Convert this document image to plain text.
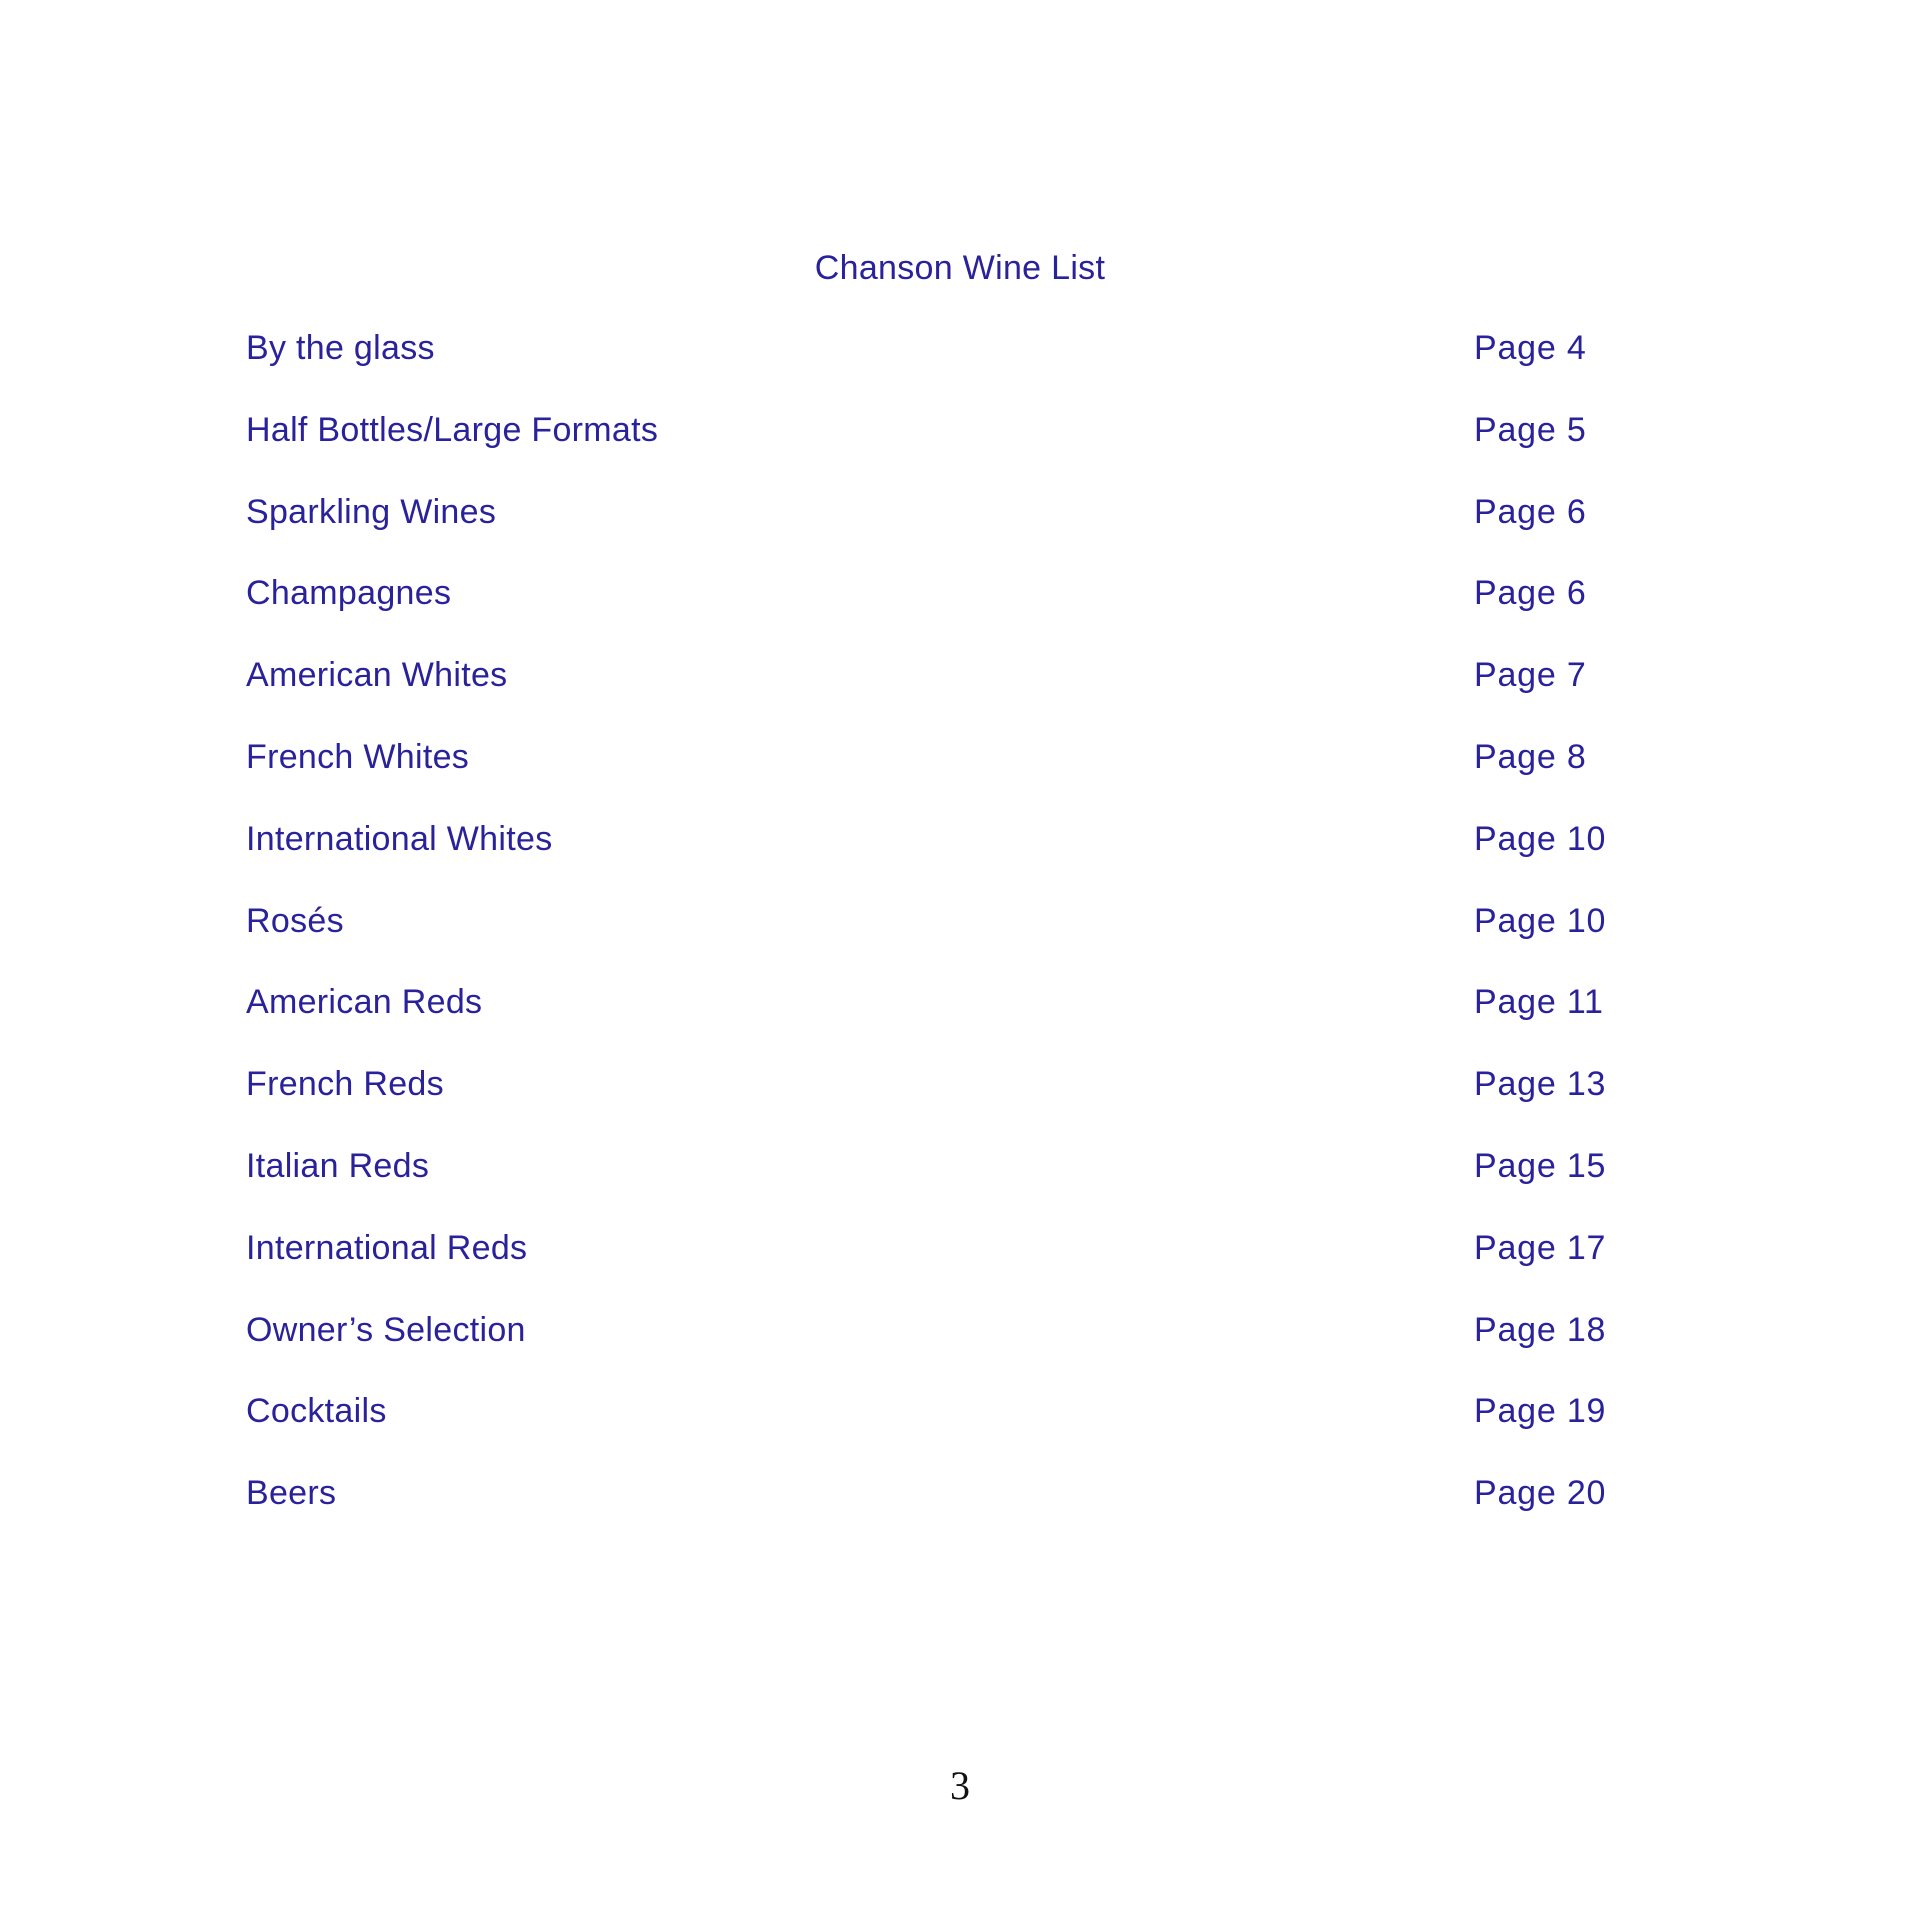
Chanson Wine List
By the glass	Page 4
Half Bottles/Large Formats	Page 5
Sparkling Wines	Page 6
Champagnes	Page 6
American Whites	Page 7
French Whites	Page 8
International Whites	Page 10
Rosés	Page 10
American Reds	Page 11
French Reds	Page 13
Italian Reds	Page 15
International Reds	Page 17
Owner’s Selection	Page 18
Cocktails	Page 19
Beers	Page 20
3
